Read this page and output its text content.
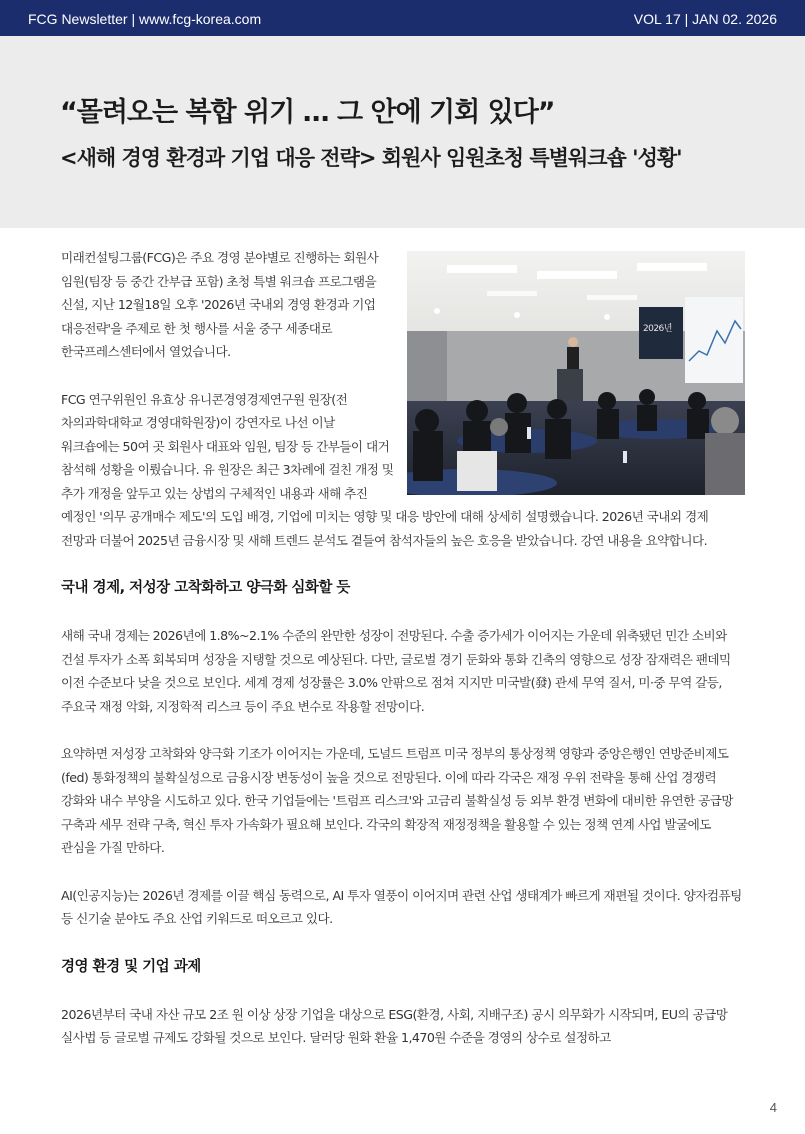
FCG Newsletter | www.fcg-korea.com	VOL 17 | JAN 02. 2026
“몰려오는 복합 위기 … 그 안에 기회 있다”
<새해 경영 환경과 기업 대응 전략> 회원사 임원초청 특별워크숍 '성황'
2026년

미래컨설팅그룹(FCG)은 주요 경영 분야별로 진행하는 회원사 임원(팀장 등 중간 간부급 포함) 초청 특별 워크숍 프로그램을 신설, 지난 12월18일 오후 '2026년 국내외 경영 환경과 기업 대응전략'을 주제로 한 첫 행사를 서울 중구 세종대로 한국프레스센터에서 열었습니다.

FCG 연구위원인 유효상 유니콘경영경제연구원 원장(전 차의과학대학교 경영대학원장)이 강연자로 나선 이날 워크숍에는 50여 곳 회원사 대표와 임원, 팀장 등 간부들이 대거 참석해 성황을 이뤘습니다. 유 원장은 최근 3차례에 걸친 개정 및 추가 개정을 앞두고 있는 상법의 구체적인 내용과 새해 추진 예정인 '의무 공개매수 제도'의 도입 배경, 기업에 미치는 영향 및 대응 방안에 대해 상세히 설명했습니다. 2026년 국내외 경제 전망과 더불어 2025년 금융시장 및 새해 트렌드 분석도 곁들여 참석자들의 높은 호응을 받았습니다. 강연 내용을 요약합니다.

국내 경제, 저성장 고착화하고 양극화 심화할 듯

새해 국내 경제는 2026년에 1.8%~2.1% 수준의 완만한 성장이 전망된다. 수출 증가세가 이어지는 가운데 위축됐던 민간 소비와 건설 투자가 소폭 회복되며 성장을 지탱할 것으로 예상된다. 다만, 글로벌 경기 둔화와 통화 긴축의 영향으로 성장 잠재력은 팬데믹 이전 수준보다 낮을 것으로 보인다. 세계 경제 성장률은 3.0% 안팎으로 점쳐 지지만 미국발(發) 관세 무역 질서, 미·중 무역 갈등, 주요국 재정 악화, 지정학적 리스크 등이 주요 변수로 작용할 전망이다.

요약하면 저성장 고착화와 양극화 기조가 이어지는 가운데, 도널드 트럼프 미국 정부의 통상정책 영향과 중앙은행인 연방준비제도(fed) 통화정책의 불확실성으로 금융시장 변동성이 높을 것으로 전망된다. 이에 따라 각국은 재정 우위 전략을 통해 산업 경쟁력 강화와 내수 부양을 시도하고 있다. 한국 기업들에는 '트럼프 리스크'와 고금리 불확실성 등 외부 환경 변화에 대비한 유연한 공급망 구축과 세무 전략 구축, 혁신 투자 가속화가 필요해 보인다. 각국의 확장적 재정정책을 활용할 수 있는 정책 연계 사업 발굴에도 관심을 가질 만하다.

AI(인공지능)는 2026년 경제를 이끌 핵심 동력으로, AI 투자 열풍이 이어지며 관련 산업 생태계가 빠르게 재편될 것이다. 양자컴퓨팅 등 신기술 분야도 주요 산업 키워드로 떠오르고 있다.

경영 환경 및 기업 과제

2026년부터 국내 자산 규모 2조 원 이상 상장 기업을 대상으로 ESG(환경, 사회, 지배구조) 공시 의무화가 시작되며, EU의 공급망 실사법 등 글로벌 규제도 강화될 것으로 보인다. 달러당 원화 환율 1,470원 수준을 경영의 상수로 설정하고

4
